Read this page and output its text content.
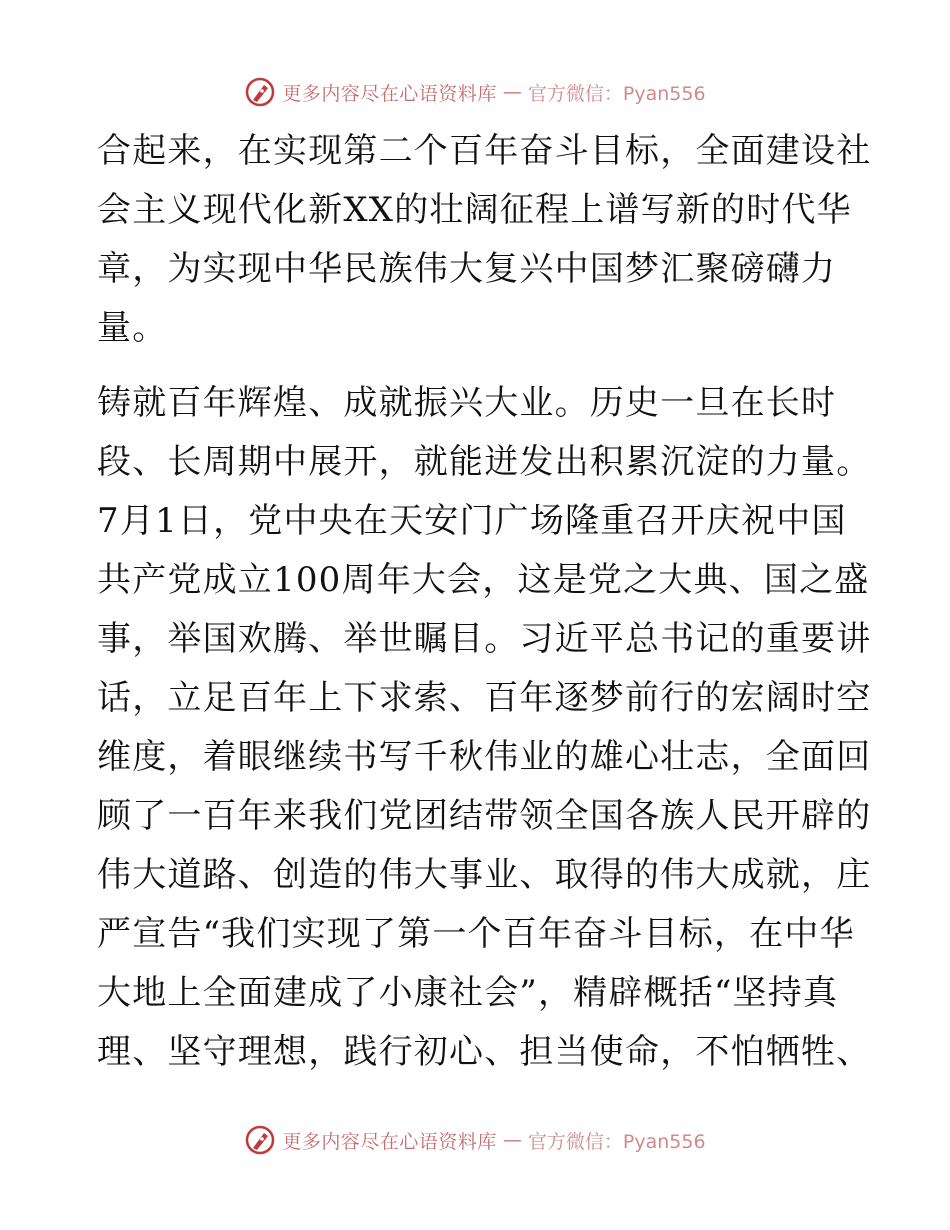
更多内容尽在心语资料库 — 官方微信：Pyan556

合起来，在实现第二个百年奋斗目标，全面建设社
会主义现代化新XX的壮阔征程上谱写新的时代华
章，为实现中华民族伟大复兴中国梦汇聚磅礴力
量。

铸就百年辉煌、成就振兴大业。历史一旦在长时
段、长周期中展开，就能迸发出积累沉淀的力量。
7月1日，党中央在天安门广场隆重召开庆祝中国
共产党成立100周年大会，这是党之大典、国之盛
事，举国欢腾、举世瞩目。习近平总书记的重要讲
话，立足百年上下求索、百年逐梦前行的宏阔时空
维度，着眼继续书写千秋伟业的雄心壮志，全面回
顾了一百年来我们党团结带领全国各族人民开辟的
伟大道路、创造的伟大事业、取得的伟大成就，庄
严宣告“我们实现了第一个百年奋斗目标，在中华
大地上全面建成了小康社会”，精辟概括“坚持真
理、坚守理想，践行初心、担当使命，不怕牺牲、

更多内容尽在心语资料库 — 官方微信：Pyan556
